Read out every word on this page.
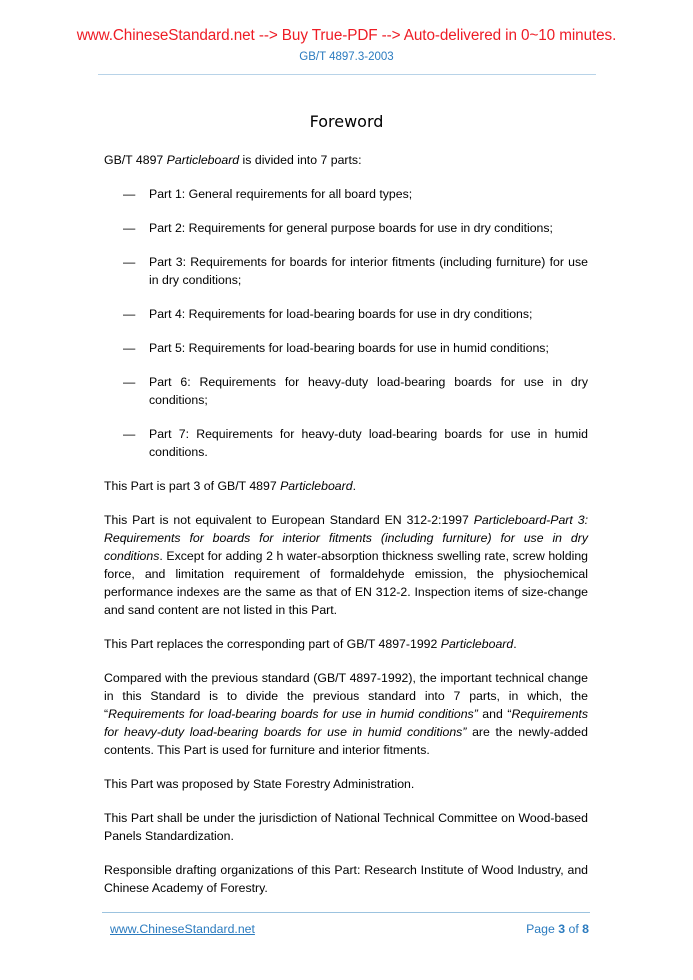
www.ChineseStandard.net --> Buy True-PDF --> Auto-delivered in 0~10 minutes.
GB/T 4897.3-2003
Foreword

GB/T 4897 Particleboard is divided into 7 parts:

— Part 1: General requirements for all board types;
— Part 2: Requirements for general purpose boards for use in dry conditions;
— Part 3: Requirements for boards for interior fitments (including furniture) for use in dry conditions;
— Part 4: Requirements for load-bearing boards for use in dry conditions;
— Part 5: Requirements for load-bearing boards for use in humid conditions;
— Part 6: Requirements for heavy-duty load-bearing boards for use in dry conditions;
— Part 7: Requirements for heavy-duty load-bearing boards for use in humid conditions.

This Part is part 3 of GB/T 4897 Particleboard.

This Part is not equivalent to European Standard EN 312-2:1997 Particleboard-Part 3: Requirements for boards for interior fitments (including furniture) for use in dry conditions. Except for adding 2 h water-absorption thickness swelling rate, screw holding force, and limitation requirement of formaldehyde emission, the physiochemical performance indexes are the same as that of EN 312-2. Inspection items of size-change and sand content are not listed in this Part.

This Part replaces the corresponding part of GB/T 4897-1992 Particleboard.

Compared with the previous standard (GB/T 4897-1992), the important technical change in this Standard is to divide the previous standard into 7 parts, in which, the “Requirements for load-bearing boards for use in humid conditions” and “Requirements for heavy-duty load-bearing boards for use in humid conditions” are the newly-added contents. This Part is used for furniture and interior fitments.

This Part was proposed by State Forestry Administration.

This Part shall be under the jurisdiction of National Technical Committee on Wood-based Panels Standardization.

Responsible drafting organizations of this Part: Research Institute of Wood Industry, and Chinese Academy of Forestry.

www.ChineseStandard.net	Page 3 of 8
